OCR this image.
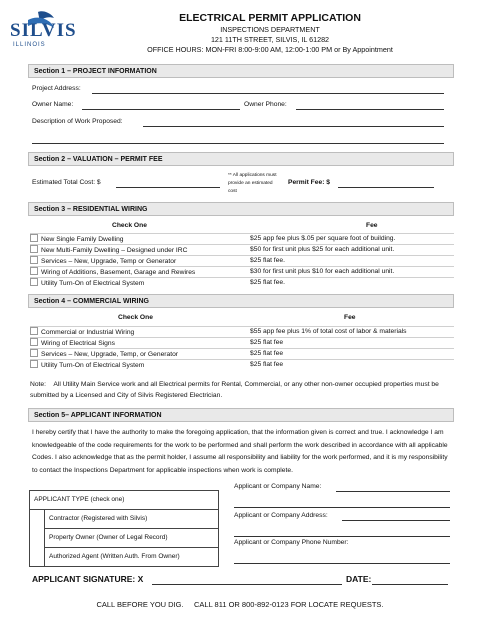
SILVIS
ILLINOIS
ELECTRICAL PERMIT APPLICATION
INSPECTIONS DEPARTMENT
121 11TH STREET, SILVIS, IL 61282
OFFICE HOURS: MON-FRI 8:00-9:00 AM, 12:00-1:00 PM or By Appointment
Section 1 – PROJECT INFORMATION
Project Address:
Owner Name:	Owner Phone:
Description of Work Proposed:
Section 2 – VALUATION – PERMIT FEE
Estimated Total Cost: $
** All applications must provide an estimated cost
Permit Fee: $
Section 3 – RESIDENTIAL WIRING
Check One	Fee
New Single Family Dwelling	$25 app fee plus $.05 per square foot of building.
New Multi-Family Dwelling – Designed under IRC	$50 for first unit plus $25 for each additional unit.
Services – New, Upgrade, Temp or Generator	$25 flat fee.
Wiring of Additions, Basement, Garage and Rewires	$30 for first unit plus $10 for each additional unit.
Utility Turn-On of Electrical System	$25 flat fee.
Section 4 – COMMERCIAL WIRING
Check One	Fee
Commercial or Industrial Wiring	$55 app fee plus 1% of total cost of labor & materials
Wiring of Electrical Signs	$25 flat fee
Services – New, Upgrade, Temp, or Generator	$25 flat fee
Utility Turn-On of Electrical System	$25 flat fee
Note: All Utility Main Service work and all Electrical permits for Rental, Commercial, or any other non-owner occupied properties must be submitted by a Licensed and City of Silvis Registered Electrician.
Section 5– APPLICANT INFORMATION
I hereby certify that I have the authority to make the foregoing application, that the information given is correct and true. I acknowledge I am knowledgeable of the code requirements for the work to be performed and shall perform the work described in accordance with all applicable Codes. I also acknowledge that as the permit holder, I assume all responsibility and liability for the work performed, and it is my responsibility to contact the Inspections Department for applicable inspections when work is complete.
APPLICANT TYPE (check one)
Contractor (Registered with Silvis)
Property Owner (Owner of Legal Record)
Authorized Agent (Written Auth. From Owner)
Applicant or Company Name:
Applicant or Company Address:
Applicant or Company Phone Number:
APPLICANT SIGNATURE: X	DATE:
CALL BEFORE YOU DIG.     CALL 811 OR 800-892-0123 FOR LOCATE REQUESTS.
